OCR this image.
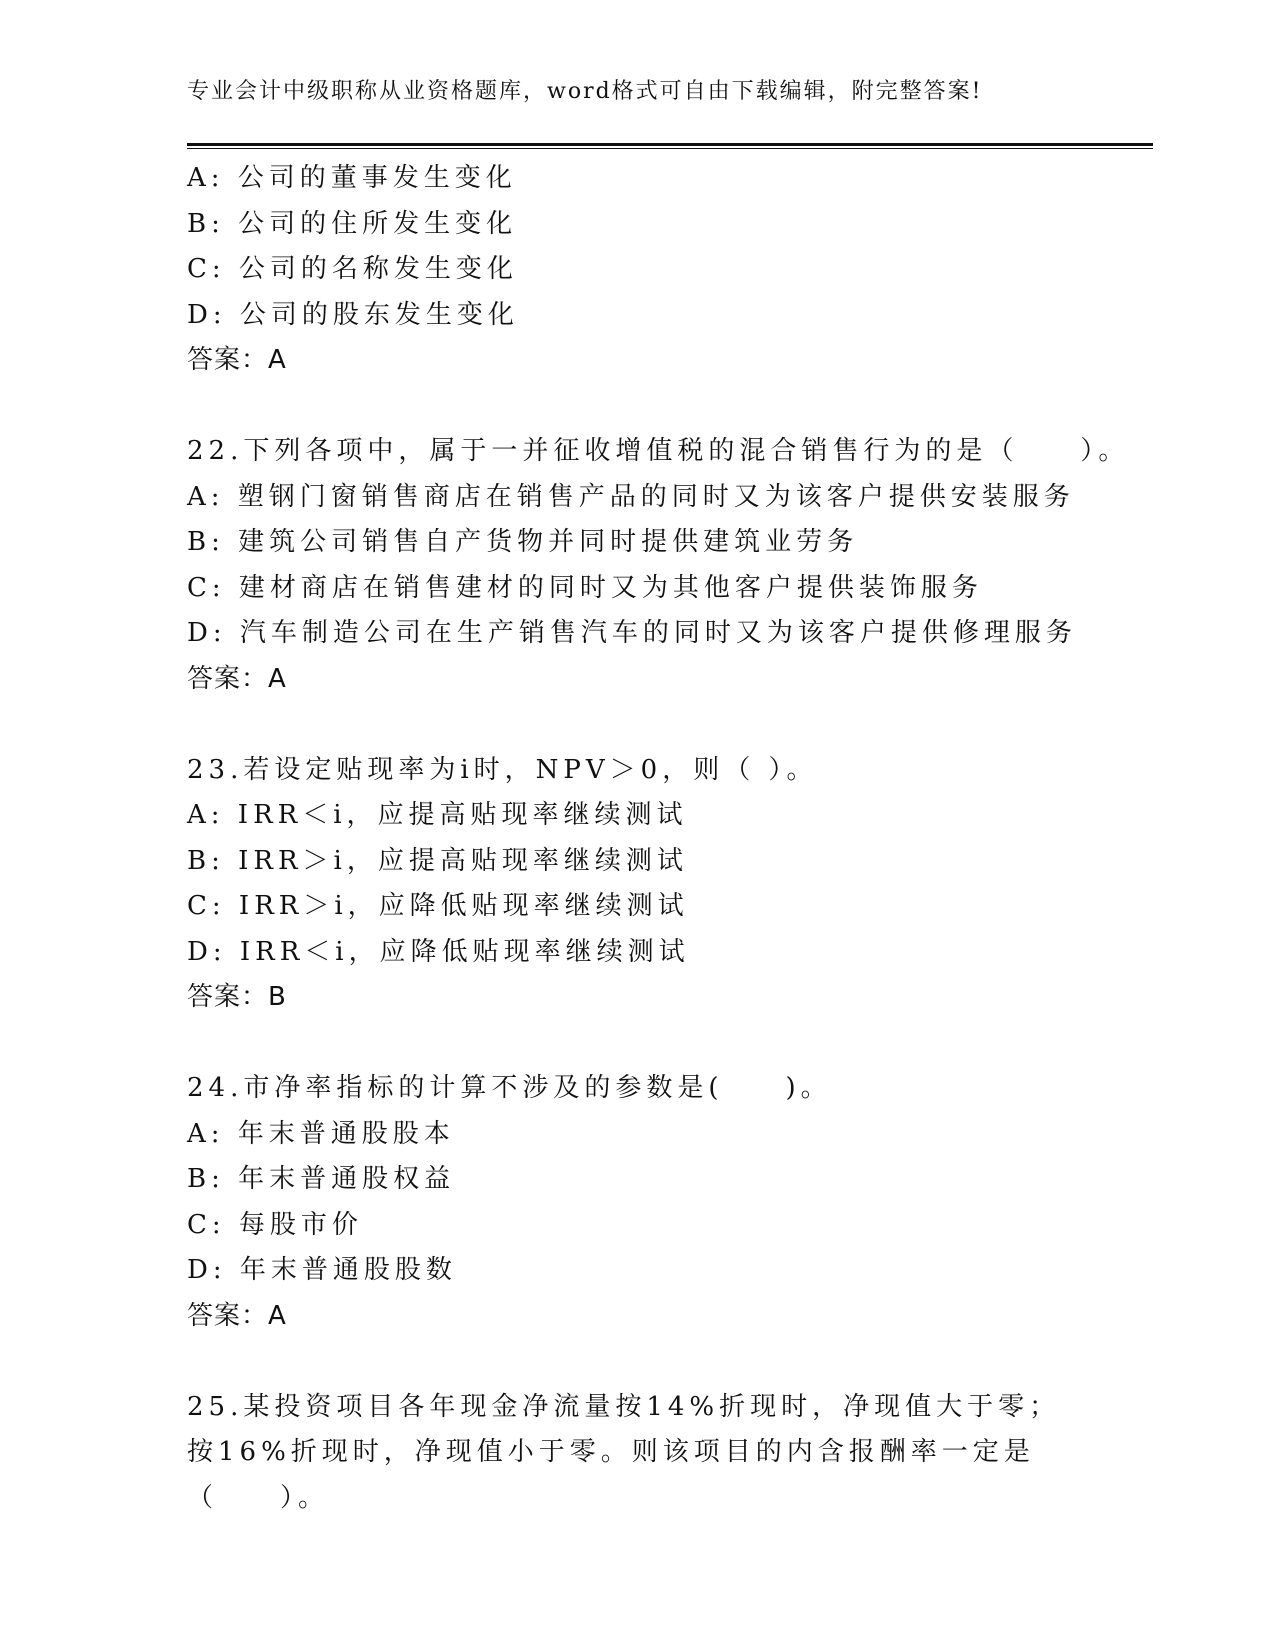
专业会计中级职称从业资格题库，word格式可自由下载编辑，附完整答案!
A: 公司的董事发生变化
B: 公司的住所发生变化
C: 公司的名称发生变化
D: 公司的股东发生变化
答案：A
22.下列各项中，属于一并征收增值税的混合销售行为的是（　　）。
A: 塑钢门窗销售商店在销售产品的同时又为该客户提供安装服务
B: 建筑公司销售自产货物并同时提供建筑业劳务
C: 建材商店在销售建材的同时又为其他客户提供装饰服务
D: 汽车制造公司在生产销售汽车的同时又为该客户提供修理服务
答案：A
23.若设定贴现率为i时，NPV＞0，则（ ）。
A: IRR＜i，应提高贴现率继续测试
B: IRR＞i，应提高贴现率继续测试
C: IRR＞i，应降低贴现率继续测试
D: IRR＜i，应降低贴现率继续测试
答案：B
24.市净率指标的计算不涉及的参数是(　　)。
A: 年末普通股股本
B: 年末普通股权益
C: 每股市价
D: 年末普通股股数
答案：A
25.某投资项目各年现金净流量按14%折现时，净现值大于零；按16%折现时，净现值小于零。则该项目的内含报酬率一定是（　　）。
